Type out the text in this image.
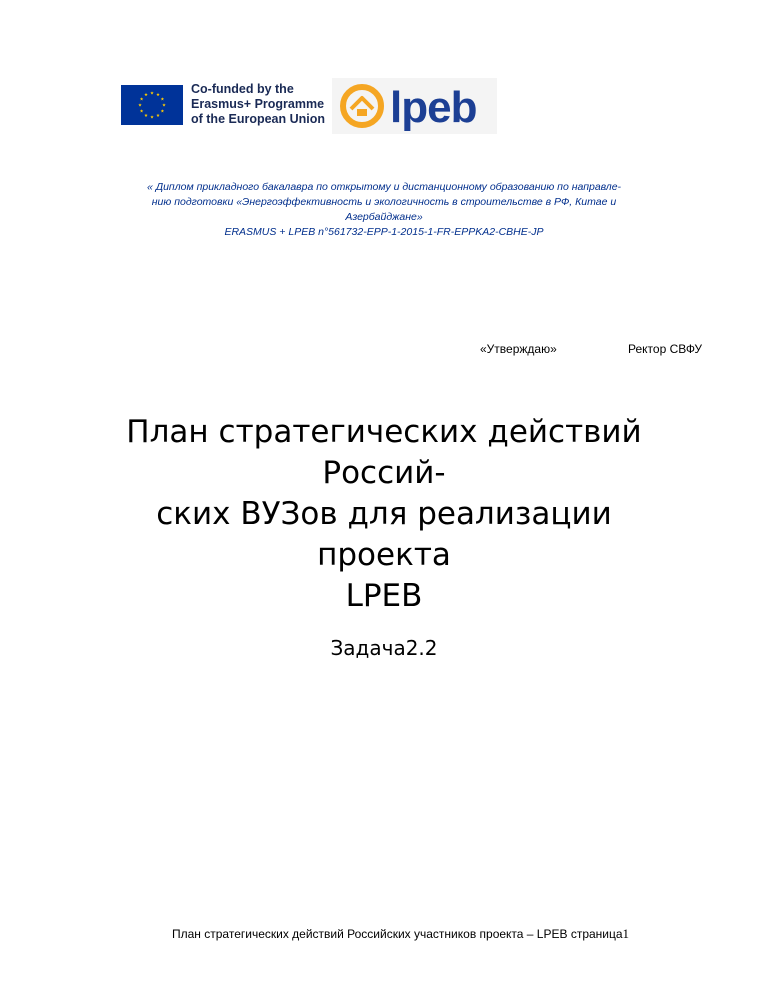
Co-funded by the
Erasmus+ Programme
of the European Union lpeb

« Диплом прикладного бакалавра по открытому и дистанционному образованию по направле-

нию подготовки «Энергоэффективность и экологичность в строительстве в РФ, Китае и

Азербайджане»

ERASMUS + LPEB n°561732-EPP-1-2015-1-FR-EPPKA2-CBHE-JP

«Утверждаю»	Ректор СВФУ
План стратегических действий Россий-
ских ВУЗов для реализации проекта
LPEB
Задача2.2
План стратегических действий Российских участников проекта – LPEB страница1
